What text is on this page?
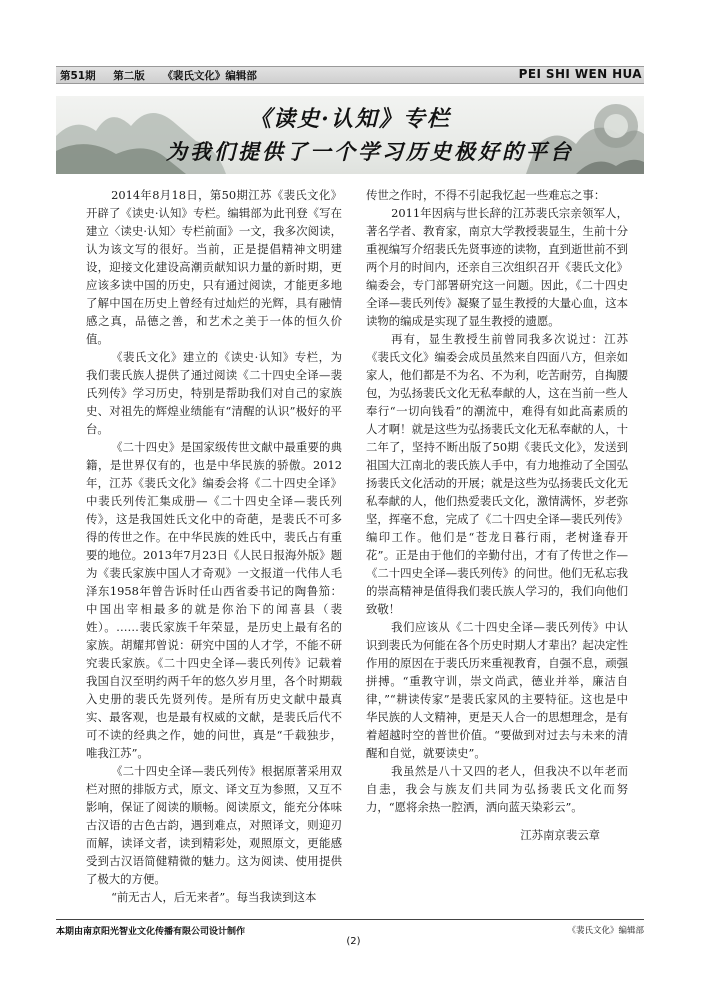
第51期 第二版 《裴氏文化》编辑部	PEI SHI WEN HUA
《读史·认知》专栏
为我们提供了一个学习历史极好的平台

2014年8月18日，第50期江苏《裴氏文化》开辟了《读史·认知》专栏。编辑部为此刊登《写在建立〈读史·认知〉专栏前面》一文，我多次阅读，认为该文写的很好。当前，正是提倡精神文明建设，迎接文化建设高潮贡献知识力量的新时期，更应该多读中国的历史，只有通过阅读，才能更多地了解中国在历史上曾经有过灿烂的光辉，具有融情感之真，品德之善，和艺术之美于一体的恒久价值。

《裴氏文化》建立的《读史·认知》专栏，为我们裴氏族人提供了通过阅读《二十四史全译—裴氏列传》学习历史，特别是帮助我们对自己的家族史、对祖先的辉煌业绩能有“清醒的认识”极好的平台。

《二十四史》是国家级传世文献中最重要的典籍，是世界仅有的，也是中华民族的骄傲。2012年，江苏《裴氏文化》编委会将《二十四史全译》中裴氏列传汇集成册—《二十四史全译—裴氏列传》，这是我国姓氏文化中的奇葩，是裴氏不可多得的传世之作。在中华民族的姓氏中，裴氏占有重要的地位。2013年7月23日《人民日报海外版》题为《裴氏家族中国人才奇观》一文报道一代伟人毛泽东1958年曾告诉时任山西省委书记的陶鲁笳：中国出宰相最多的就是你治下的闻喜县（裴姓）。……裴氏家族千年荣显，是历史上最有名的家族。胡耀邦曾说：研究中国的人才学，不能不研究裴氏家族。《二十四史全译—裴氏列传》记载着我国自汉至明约两千年的悠久岁月里，各个时期载入史册的裴氏先贤列传。是所有历史文献中最真实、最客观，也是最有权威的文献，是裴氏后代不可不读的经典之作，她的问世，真是“千载独步，唯我江苏”。

《二十四史全译—裴氏列传》根据原著采用双栏对照的排版方式，原文、译文互为参照，又互不影响，保证了阅读的顺畅。阅读原文，能充分体味古汉语的古色古韵，遇到难点，对照译文，则迎刃而解，读译文者，读到精彩处，观照原文，更能感受到古汉语简健精微的魅力。这为阅读、使用提供了极大的方便。

“前无古人，后无来者”。每当我读到这本

传世之作时，不得不引起我忆起一些难忘之事：

2011年因病与世长辞的江苏裴氏宗亲领军人，著名学者、教育家，南京大学教授裴显生，生前十分重视编写介绍裴氏先贤事迹的读物，直到逝世前不到两个月的时间内，还亲自三次组织召开《裴氏文化》编委会，专门部署研究这一问题。因此，《二十四史全译—裴氏列传》凝聚了显生教授的大量心血，这本读物的编成是实现了显生教授的遗愿。

再有，显生教授生前曾同我多次说过：江苏《裴氏文化》编委会成员虽然来自四面八方，但亲如家人，他们都是不为名、不为利，吃苦耐劳，自掏腰包，为弘扬裴氏文化无私奉献的人，这在当前一些人奉行“一切向钱看”的潮流中，难得有如此高素质的人才啊！就是这些为弘扬裴氏文化无私奉献的人，十二年了，坚持不断出版了50期《裴氏文化》，发送到祖国大江南北的裴氏族人手中，有力地推动了全国弘扬裴氏文化活动的开展；就是这些为弘扬裴氏文化无私奉献的人，他们热爱裴氏文化，激情满怀，岁老弥坚，挥毫不怠，完成了《二十四史全译—裴氏列传》编印工作。他们是“苍龙日暮行雨，老树逢春开花”。正是由于他们的辛勤付出，才有了传世之作—《二十四史全译—裴氏列传》的问世。他们无私忘我的崇高精神是值得我们裴氏族人学习的，我们向他们致敬！

我们应该从《二十四史全译—裴氏列传》中认识到裴氏为何能在各个历史时期人才辈出？起决定性作用的原因在于裴氏历来重视教育，自强不息，顽强拼搏。“重教守训，崇文尚武，德业并举，廉洁自律，”“耕读传家”是裴氏家风的主要特征。这也是中华民族的人文精神，更是天人合一的思想理念，是有着超越时空的普世价值。“要做到对过去与未来的清醒和自觉，就要读史”。

我虽然是八十又四的老人，但我决不以年老而自恚，我会与族友们共同为弘扬裴氏文化而努力，“愿将余热一腔洒，洒向蓝天染彩云”。

江苏南京裴云章

本期由南京阳光智业文化传播有限公司设计制作	《裴氏文化》编辑部
(2)
